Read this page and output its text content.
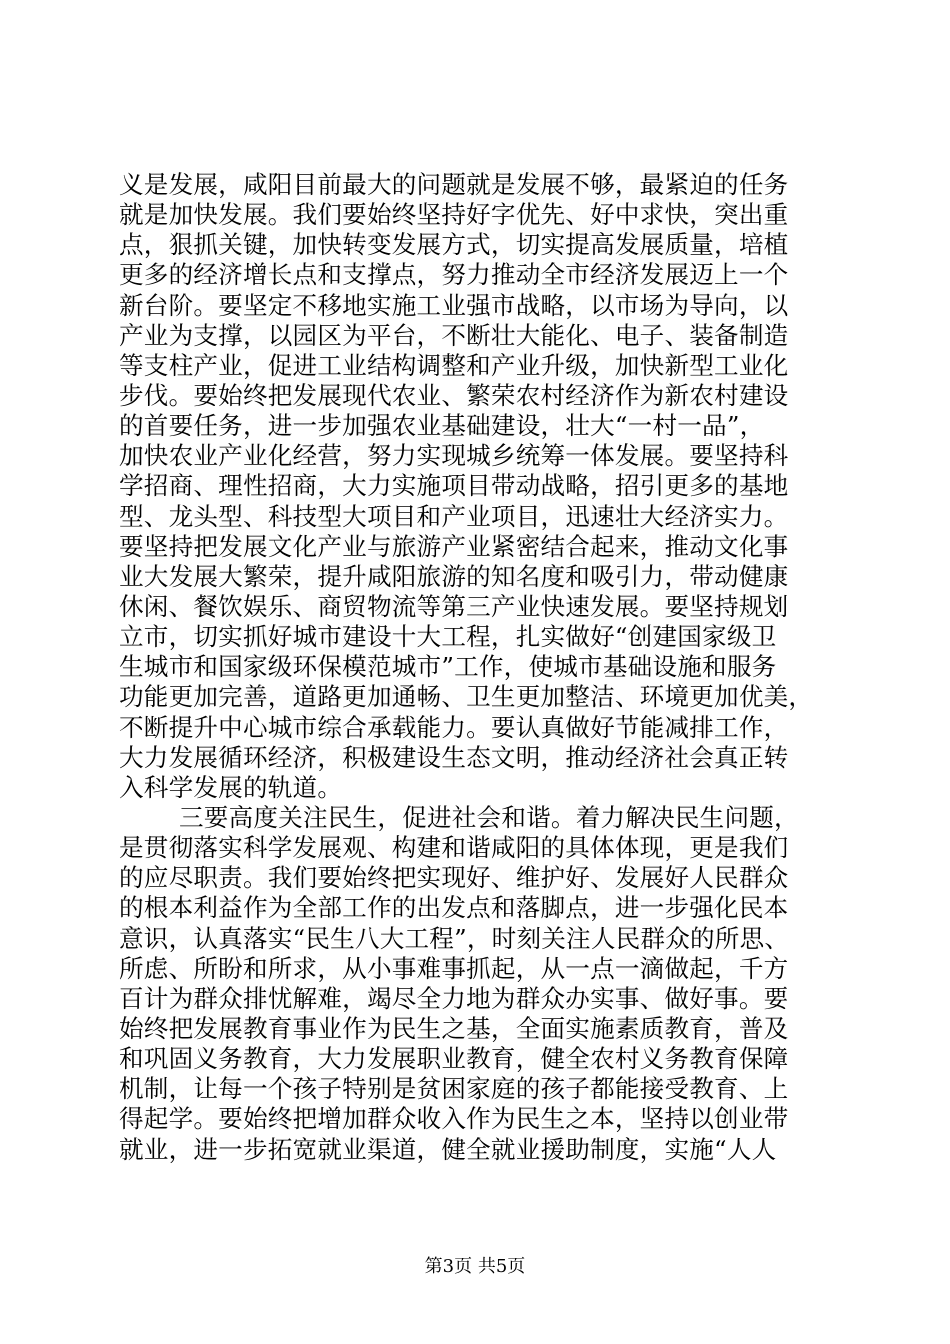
义是发展，咸阳目前最大的问题就是发展不够，最紧迫的任务
就是加快发展。我们要始终坚持好字优先、好中求快，突出重
点，狠抓关键，加快转变发展方式，切实提高发展质量，培植
更多的经济增长点和支撑点，努力推动全市经济发展迈上一个
新台阶。要坚定不移地实施工业强市战略，以市场为导向，以
产业为支撑，以园区为平台，不断壮大能化、电子、装备制造
等支柱产业，促进工业结构调整和产业升级，加快新型工业化
步伐。要始终把发展现代农业、繁荣农村经济作为新农村建设
的首要任务，进一步加强农业基础建设，壮大“一村一品”，
加快农业产业化经营，努力实现城乡统筹一体发展。要坚持科
学招商、理性招商，大力实施项目带动战略，招引更多的基地
型、龙头型、科技型大项目和产业项目，迅速壮大经济实力。
要坚持把发展文化产业与旅游产业紧密结合起来，推动文化事
业大发展大繁荣，提升咸阳旅游的知名度和吸引力，带动健康
休闲、餐饮娱乐、商贸物流等第三产业快速发展。要坚持规划
立市，切实抓好城市建设十大工程，扎实做好“创建国家级卫
生城市和国家级环保模范城市”工作，使城市基础设施和服务
功能更加完善，道路更加通畅、卫生更加整洁、环境更加优美，
不断提升中心城市综合承载能力。要认真做好节能减排工作，
大力发展循环经济，积极建设生态文明，推动经济社会真正转
入科学发展的轨道。
三要高度关注民生，促进社会和谐。着力解决民生问题，
是贯彻落实科学发展观、构建和谐咸阳的具体体现，更是我们
的应尽职责。我们要始终把实现好、维护好、发展好人民群众
的根本利益作为全部工作的出发点和落脚点，进一步强化民本
意识，认真落实“民生八大工程”，时刻关注人民群众的所思、
所虑、所盼和所求，从小事难事抓起，从一点一滴做起，千方
百计为群众排忧解难，竭尽全力地为群众办实事、做好事。要
始终把发展教育事业作为民生之基，全面实施素质教育，普及
和巩固义务教育，大力发展职业教育，健全农村义务教育保障
机制，让每一个孩子特别是贫困家庭的孩子都能接受教育、上
得起学。要始终把增加群众收入作为民生之本，坚持以创业带
就业，进一步拓宽就业渠道，健全就业援助制度，实施“人人
第3页 共5页
